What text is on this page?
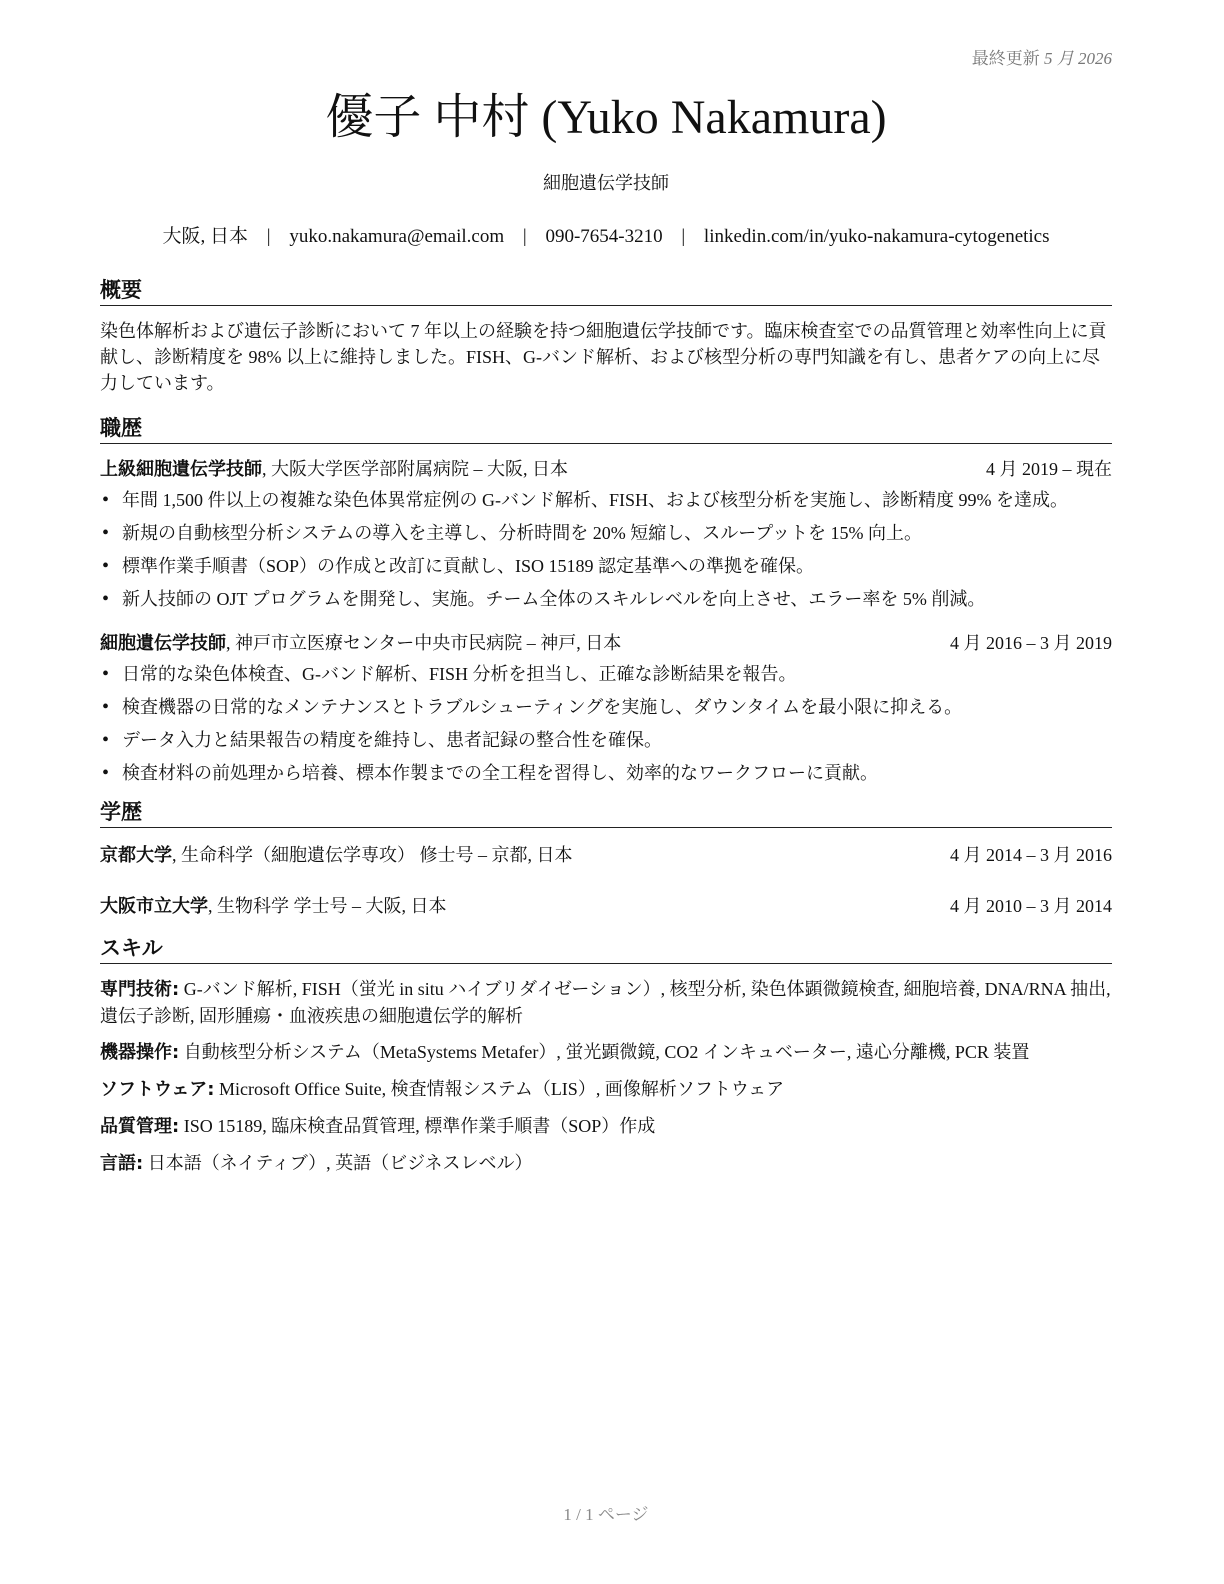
最終更新 5 月 2026
優子 中村 (Yuko Nakamura)
細胞遺伝学技師
大阪, 日本 | yuko.nakamura@email.com | 090-7654-3210 | linkedin.com/in/yuko-nakamura-cytogenetics
概要

染色体解析および遺伝子診断において 7 年以上の経験を持つ細胞遺伝学技師です。臨床検査室での品質管理と効率性向上に貢献し、診断精度を 98% 以上に維持しました。FISH、G-バンド解析、および核型分析の専門知識を有し、患者ケアの向上に尽力しています。

職歴
上級細胞遺伝学技師, 大阪大学医学部附属病院 – 大阪, 日本	4 月 2019 – 現在
• 年間 1,500 件以上の複雑な染色体異常症例の G-バンド解析、FISH、および核型分析を実施し、診断精度 99% を達成。
• 新規の自動核型分析システムの導入を主導し、分析時間を 20% 短縮し、スループットを 15% 向上。
• 標準作業手順書（SOP）の作成と改訂に貢献し、ISO 15189 認定基準への準拠を確保。
• 新人技師の OJT プログラムを開発し、実施。チーム全体のスキルレベルを向上させ、エラー率を 5% 削減。
細胞遺伝学技師, 神戸市立医療センター中央市民病院 – 神戸, 日本	4 月 2016 – 3 月 2019
• 日常的な染色体検査、G-バンド解析、FISH 分析を担当し、正確な診断結果を報告。
• 検査機器の日常的なメンテナンスとトラブルシューティングを実施し、ダウンタイムを最小限に抑える。
• データ入力と結果報告の精度を維持し、患者記録の整合性を確保。
• 検査材料の前処理から培養、標本作製までの全工程を習得し、効率的なワークフローに貢献。
学歴
京都大学, 生命科学（細胞遺伝学専攻） 修士号 – 京都, 日本	4 月 2014 – 3 月 2016
大阪市立大学, 生物科学 学士号 – 大阪, 日本	4 月 2010 – 3 月 2014
スキル
専門技術: G-バンド解析, FISH（蛍光 in situ ハイブリダイゼーション）, 核型分析, 染色体顕微鏡検査, 細胞培養, DNA/RNA 抽出, 遺伝子診断, 固形腫瘍・血液疾患の細胞遺伝学的解析
機器操作: 自動核型分析システム（MetaSystems Metafer）, 蛍光顕微鏡, CO2 インキュベーター, 遠心分離機, PCR 装置
ソフトウェア: Microsoft Office Suite, 検査情報システム（LIS）, 画像解析ソフトウェア
品質管理: ISO 15189, 臨床検査品質管理, 標準作業手順書（SOP）作成
言語: 日本語（ネイティブ）, 英語（ビジネスレベル）
1 / 1 ページ
